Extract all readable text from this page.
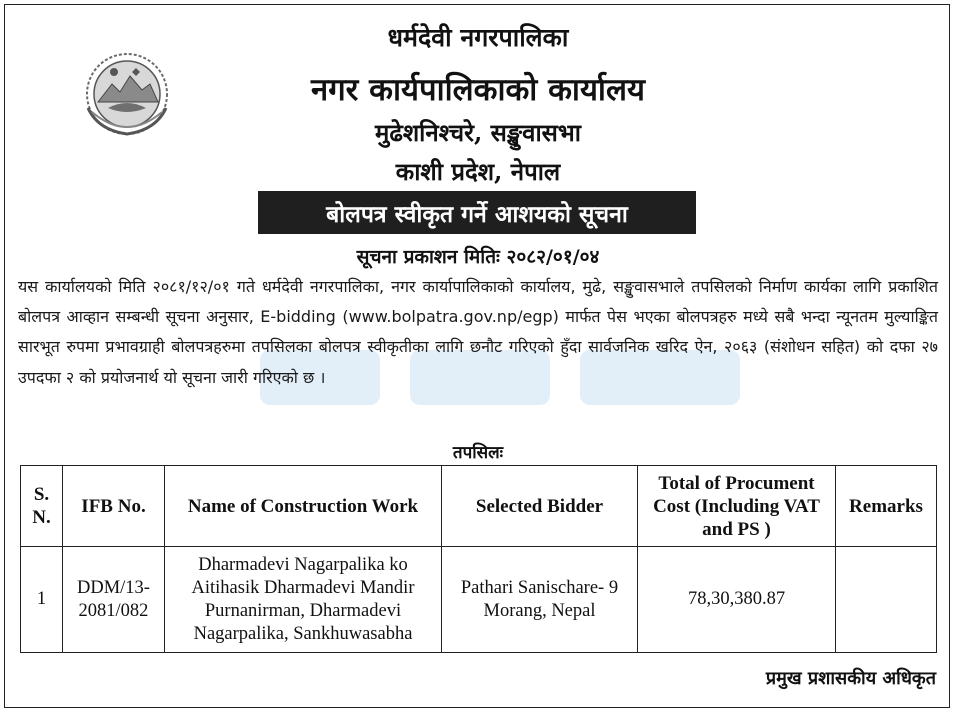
धर्मदेवी नगरपालिका
नगर कार्यपालिकाको कार्यालय
मुढेशनिश्चरे, सङ्खुवासभा
काशी प्रदेश, नेपाल
बोलपत्र स्वीकृत गर्ने आशयको सूचना
सूचना प्रकाशन मितिः २०८२/०१/०४
यस कार्यालयको मिति २०८१/१२/०१ गते धर्मदेवी नगरपालिका, नगर कार्यापालिकाको कार्यालय, मुढे, सङ्खुवासभाले तपसिलको निर्माण कार्यका लागि प्रकाशित बोलपत्र आव्हान सम्बन्धी सूचना अनुसार, E-bidding (www.bolpatra.gov.np/egp) मार्फत पेस भएका बोलपत्रहरु मध्ये सबै भन्दा न्यूनतम मुल्याङ्कित सारभूत रुपमा प्रभावग्राही बोलपत्रहरुमा तपसिलका बोलपत्र स्वीकृतीका लागि छनौट गरिएको हुँदा सार्वजनिक खरिद ऐन, २०६३ (संशोधन सहित) को दफा २७ उपदफा २ को प्रयोजनार्थ यो सूचना जारी गरिएको छ ।
तपसिलः
S. N.	IFB No.	Name of Construction Work	Selected Bidder	Total of Procument Cost (Including VAT and PS )	Remarks
1	DDM/13-2081/082	Dharmadevi Nagarpalika ko Aitihasik Dharmadevi Mandir Purnanirman, Dharmadevi Nagarpalika, Sankhuwasabha	Pathari Sanischare- 9 Morang, Nepal	78,30,380.87	
प्रमुख प्रशासकीय अधिकृत
